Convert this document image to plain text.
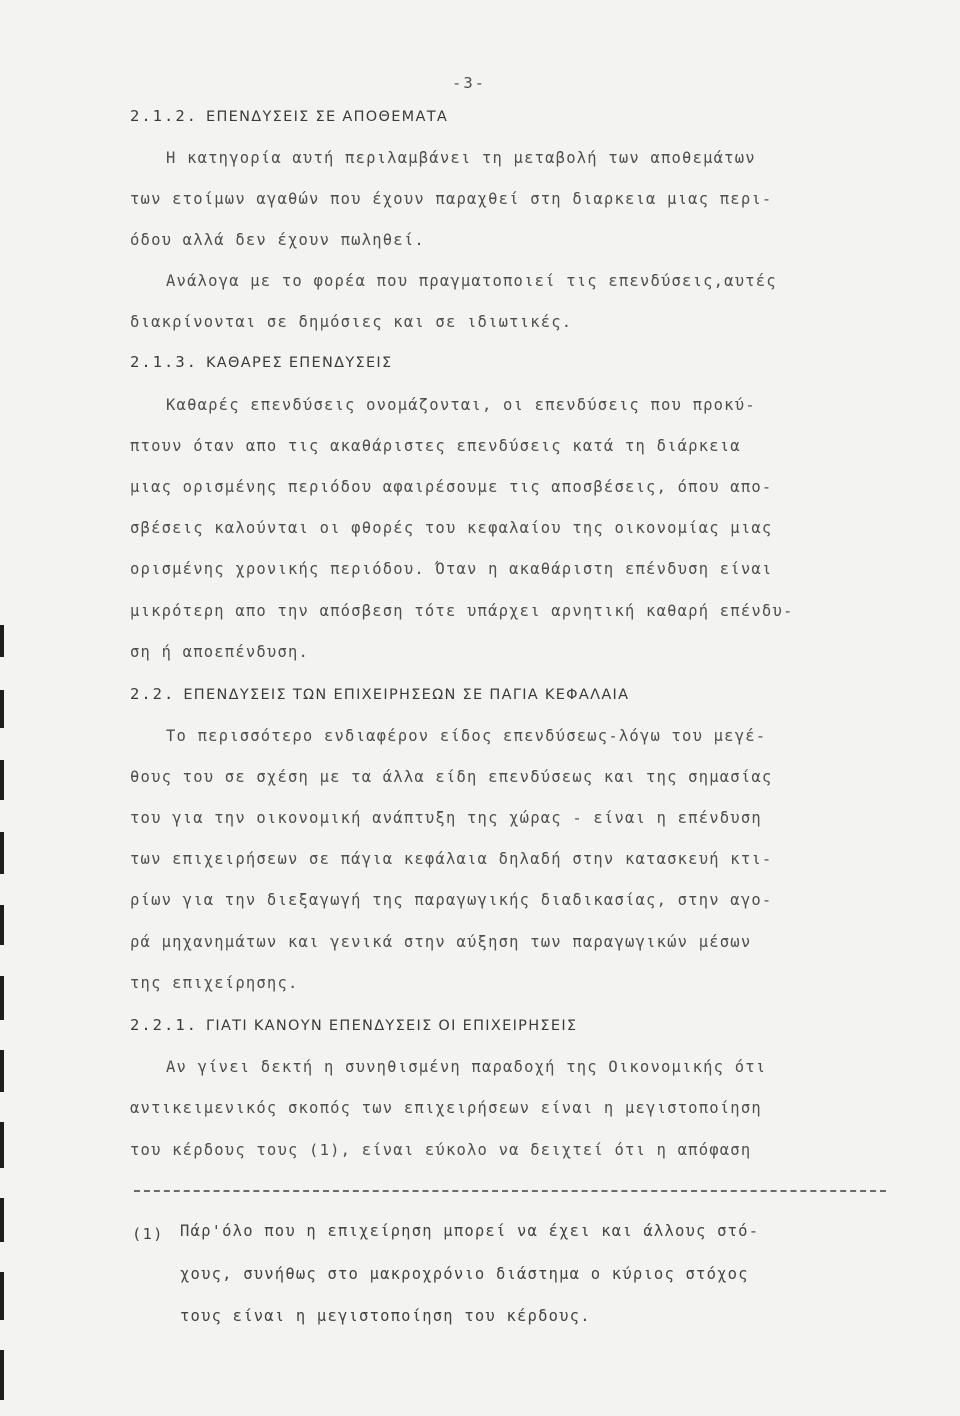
-3-
2.1.2. ΕΠΕΝΔΥΣΕΙΣ ΣΕ ΑΠΟΘΕΜΑΤΑ
Η κατηγορία αυτή περιλαμβάνει τη μεταβολή των αποθεμάτων
των ετοίμων αγαθών που έχουν παραχθεί στη διαρκεια μιας περι-
όδου αλλά δεν έχουν πωληθεί.
Ανάλογα με το φορέα που πραγματοποιεί τις επενδύσεις,αυτές
διακρίνονται σε δημόσιες και σε ιδιωτικές.
2.1.3. ΚΑΘΑΡΕΣ ΕΠΕΝΔΥΣΕΙΣ
Καθαρές επενδύσεις ονομάζονται, οι επενδύσεις που προκύ-
πτουν όταν απο τις ακαθάριστες επενδύσεις κατά τη διάρκεια
μιας ορισμένης περιόδου αφαιρέσουμε τις αποσβέσεις, όπου απο-
σβέσεις καλούνται οι φθορές του κεφαλαίου της οικονομίας μιας
ορισμένης χρονικής περιόδου. Όταν η ακαθάριστη επένδυση είναι
μικρότερη απο την απόσβεση τότε υπάρχει αρνητική καθαρή επένδυ-
ση ή αποεπένδυση.
2.2. ΕΠΕΝΔΥΣΕΙΣ ΤΩΝ ΕΠΙΧΕΙΡΗΣΕΩΝ ΣΕ ΠΑΓΙΑ ΚΕΦΑΛΑΙΑ
Το περισσότερο ενδιαφέρον είδος επενδύσεως-λόγω του μεγέ-
θους του σε σχέση με τα άλλα είδη επενδύσεως και της σημασίας
του για την οικονομική ανάπτυξη της χώρας - είναι η επένδυση
των επιχειρήσεων σε πάγια κεφάλαια δηλαδή στην κατασκευή κτι-
ρίων για την διεξαγωγή της παραγωγικής διαδικασίας, στην αγο-
ρά μηχανημάτων και γενικά στην αύξηση των παραγωγικών μέσων
της επιχείρησης.
2.2.1. ΓΙΑΤΙ ΚΑΝΟΥΝ ΕΠΕΝΔΥΣΕΙΣ ΟΙ ΕΠΙΧΕΙΡΗΣΕΙΣ
Αν γίνει δεκτή η συνηθισμένη παραδοχή της Οικονομικής ότι
αντικειμενικός σκοπός των επιχειρήσεων είναι η μεγιστοποίηση
του κέρδους τους (1), είναι εύκολο να δειχτεί ότι η απόφαση
(1) Πάρ'όλο που η επιχείρηση μπορεί να έχει και άλλους στό-
χους, συνήθως στο μακροχρόνιο διάστημα ο κύριος στόχος
τους είναι η μεγιστοποίηση του κέρδους.
